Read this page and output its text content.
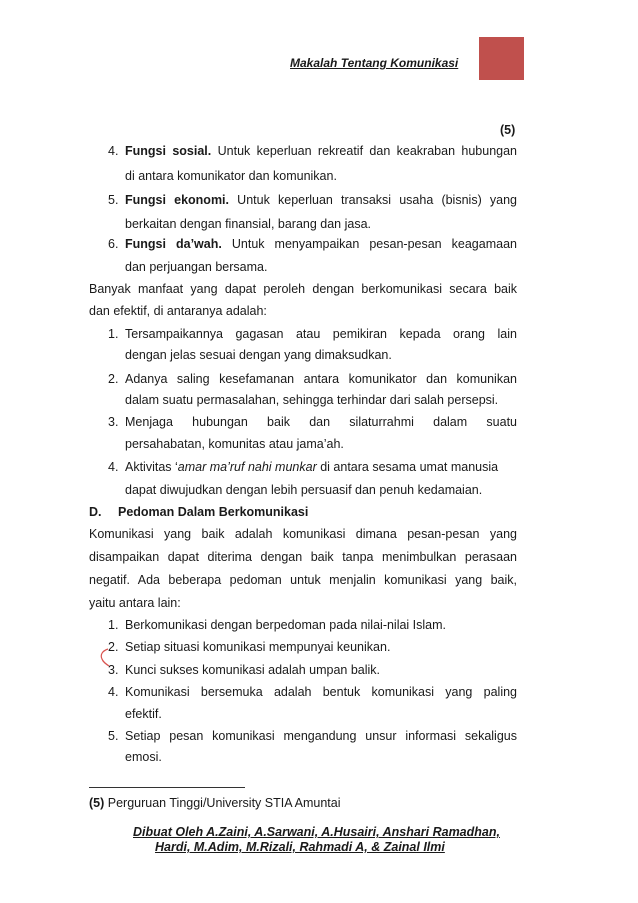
Makalah Tentang Komunikasi
(5)
4. Fungsi sosial. Untuk keperluan rekreatif dan keakraban hubungan
di antara komunikator dan komunikan.
5. Fungsi ekonomi. Untuk keperluan transaksi usaha (bisnis) yang
berkaitan dengan finansial, barang dan jasa.
6. Fungsi da’wah. Untuk menyampaikan pesan-pesan keagamaan
dan perjuangan bersama.
Banyak manfaat yang dapat peroleh dengan berkomunikasi secara baik
dan efektif, di antaranya adalah:
1. Tersampaikannya gagasan atau pemikiran kepada orang lain
dengan jelas sesuai dengan yang dimaksudkan.
2. Adanya saling kesefamanan antara komunikator dan komunikan
dalam suatu permasalahan, sehingga terhindar dari salah persepsi.
3. Menjaga hubungan baik dan silaturrahmi dalam suatu
persahabatan, komunitas atau jama’ah.
4. Aktivitas ‘amar ma’ruf nahi munkar di antara sesama umat manusia
dapat diwujudkan dengan lebih persuasif dan penuh kedamaian.
D. Pedoman Dalam Berkomunikasi
Komunikasi yang baik adalah komunikasi dimana pesan-pesan yang
disampaikan dapat diterima dengan baik tanpa menimbulkan perasaan
negatif. Ada beberapa pedoman untuk menjalin komunikasi yang baik,
yaitu antara lain:
1. Berkomunikasi dengan berpedoman pada nilai-nilai Islam.
2. Setiap situasi komunikasi mempunyai keunikan.
3. Kunci sukses komunikasi adalah umpan balik.
4. Komunikasi bersemuka adalah bentuk komunikasi yang paling
efektif.
5. Setiap pesan komunikasi mengandung unsur informasi sekaligus
emosi.
(5) Perguruan Tinggi/University STIA Amuntai
Dibuat Oleh A.Zaini, A.Sarwani, A.Husairi, Anshari Ramadhan,
Hardi, M.Adim, M.Rizali, Rahmadi A, & Zainal Ilmi
